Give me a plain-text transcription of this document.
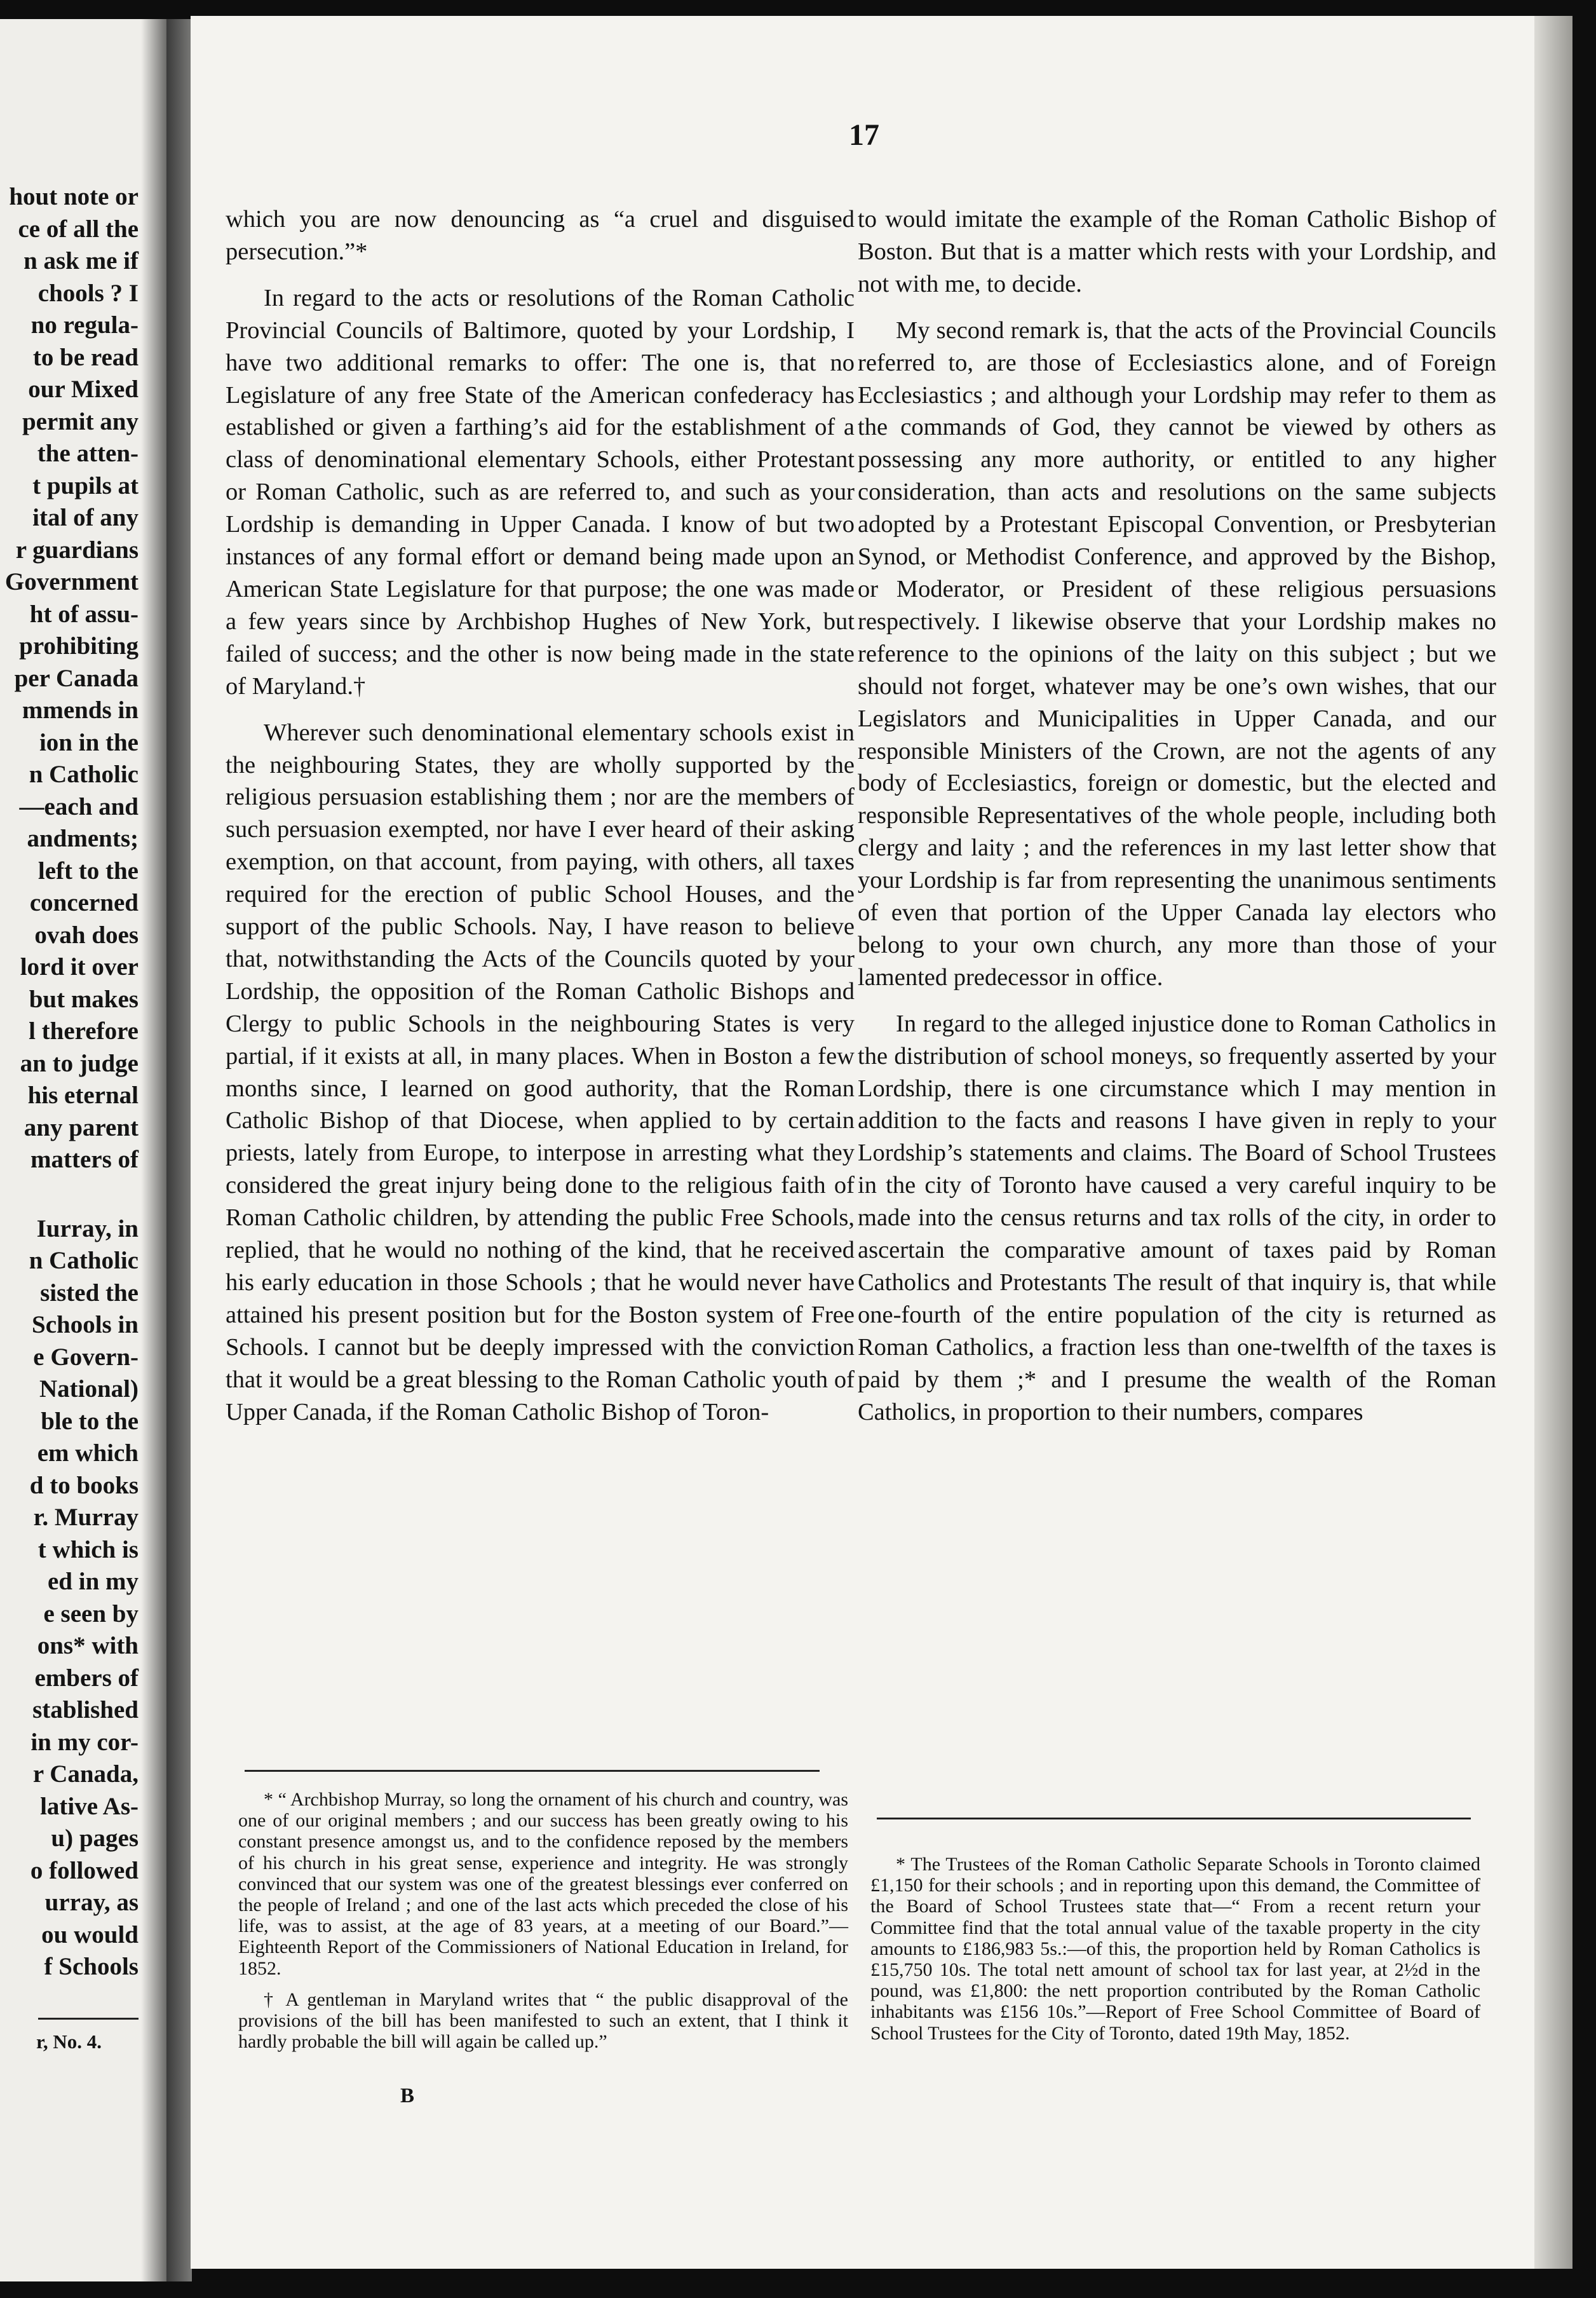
hout note or
ce of all the
n ask me if
chools ? I
no regula-
to be read
our Mixed
permit any
the atten-
t pupils at
ital of any
r guardians
Government
ht of assu-
prohibiting
per Canada
mmends in
ion in the
n Catholic
—each and
andments;
left to the
concerned
ovah does
lord it over
but makes
l therefore
an to judge
his eternal
any parent
matters of
Iurray, in
n Catholic
sisted the
Schools in
e Govern-
National)
ble to the
em which
d to books
r. Murray
t which is
ed in my
e seen by
ons* with
embers of
stablished
in my cor-
r Canada,
lative As-
u) pages
o followed
urray, as
ou would
f Schools
r, No. 4.
17

which you are now denouncing as “a cruel and disguised persecution.”*

In regard to the acts or resolutions of the Roman Catholic Provincial Councils of Baltimore, quoted by your Lordship, I have two additional remarks to offer: The one is, that no Legislature of any free State of the American confederacy has established or given a farthing’s aid for the establishment of a class of denominational elementary Schools, either Protestant or Roman Catholic, such as are referred to, and such as your Lordship is demanding in Upper Canada. I know of but two instances of any formal effort or demand being made upon an American State Legislature for that purpose; the one was made a few years since by Archbishop Hughes of New York, but failed of success; and the other is now being made in the state of Maryland.†

Wherever such denominational elementary schools exist in the neighbouring States, they are wholly supported by the religious persuasion establishing them ; nor are the members of such persuasion exempted, nor have I ever heard of their asking exemption, on that account, from paying, with others, all taxes required for the erection of public School Houses, and the support of the public Schools. Nay, I have reason to believe that, notwithstanding the Acts of the Councils quoted by your Lordship, the opposition of the Roman Catholic Bishops and Clergy to public Schools in the neighbouring States is very partial, if it exists at all, in many places. When in Boston a few months since, I learned on good authority, that the Roman Catholic Bishop of that Diocese, when applied to by certain priests, lately from Europe, to interpose in arresting what they considered the great injury being done to the religious faith of Roman Catholic children, by attending the public Free Schools, replied, that he would no nothing of the kind, that he received his early education in those Schools ; that he would never have attained his present position but for the Boston system of Free Schools. I cannot but be deeply impressed with the conviction that it would be a great blessing to the Roman Catholic youth of Upper Canada, if the Roman Catholic Bishop of Toron-

to would imitate the example of the Roman Catholic Bishop of Boston. But that is a matter which rests with your Lordship, and not with me, to decide.

My second remark is, that the acts of the Provincial Councils referred to, are those of Ecclesiastics alone, and of Foreign Ecclesiastics ; and although your Lordship may refer to them as the commands of God, they cannot be viewed by others as possessing any more authority, or entitled to any higher consideration, than acts and resolutions on the same subjects adopted by a Protestant Episcopal Convention, or Presbyterian Synod, or Methodist Conference, and approved by the Bishop, or Moderator, or President of these religious persuasions respectively. I likewise observe that your Lordship makes no reference to the opinions of the laity on this subject ; but we should not forget, whatever may be one’s own wishes, that our Legislators and Municipalities in Upper Canada, and our responsible Ministers of the Crown, are not the agents of any body of Ecclesiastics, foreign or domestic, but the elected and responsible Representatives of the whole people, including both clergy and laity ; and the references in my last letter show that your Lordship is far from representing the unanimous sentiments of even that portion of the Upper Canada lay electors who belong to your own church, any more than those of your lamented predecessor in office.

In regard to the alleged injustice done to Roman Catholics in the distribution of school moneys, so frequently asserted by your Lordship, there is one circumstance which I may mention in addition to the facts and reasons I have given in reply to your Lordship’s statements and claims. The Board of School Trustees in the city of Toronto have caused a very careful inquiry to be made into the census returns and tax rolls of the city, in order to ascertain the comparative amount of taxes paid by Roman Catholics and Protestants The result of that inquiry is, that while one-fourth of the entire population of the city is returned as Roman Catholics, a fraction less than one-twelfth of the taxes is paid by them ;* and I presume the wealth of the Roman Catholics, in proportion to their numbers, compares

* “ Archbishop Murray, so long the ornament of his church and country, was one of our original members ; and our success has been greatly owing to his constant presence amongst us, and to the confidence reposed by the members of his church in his great sense, experience and integrity. He was strongly convinced that our system was one of the greatest blessings ever conferred on the people of Ireland ; and one of the last acts which preceded the close of his life, was to assist, at the age of 83 years, at a meeting of our Board.”—Eighteenth Report of the Commissioners of National Education in Ireland, for 1852.

† A gentleman in Maryland writes that “ the public disapproval of the provisions of the bill has been manifested to such an extent, that I think it hardly probable the bill will again be called up.”

* The Trustees of the Roman Catholic Separate Schools in Toronto claimed £1,150 for their schools ; and in reporting upon this demand, the Committee of the Board of School Trustees state that—“ From a recent return your Committee find that the total annual value of the taxable property in the city amounts to £186,983 5s.:—of this, the proportion held by Roman Catholics is £15,750 10s. The total nett amount of school tax for last year, at 2½d in the pound, was £1,800: the nett proportion contributed by the Roman Catholic inhabitants was £156 10s.”—Report of Free School Committee of Board of School Trustees for the City of Toronto, dated 19th May, 1852.

B
